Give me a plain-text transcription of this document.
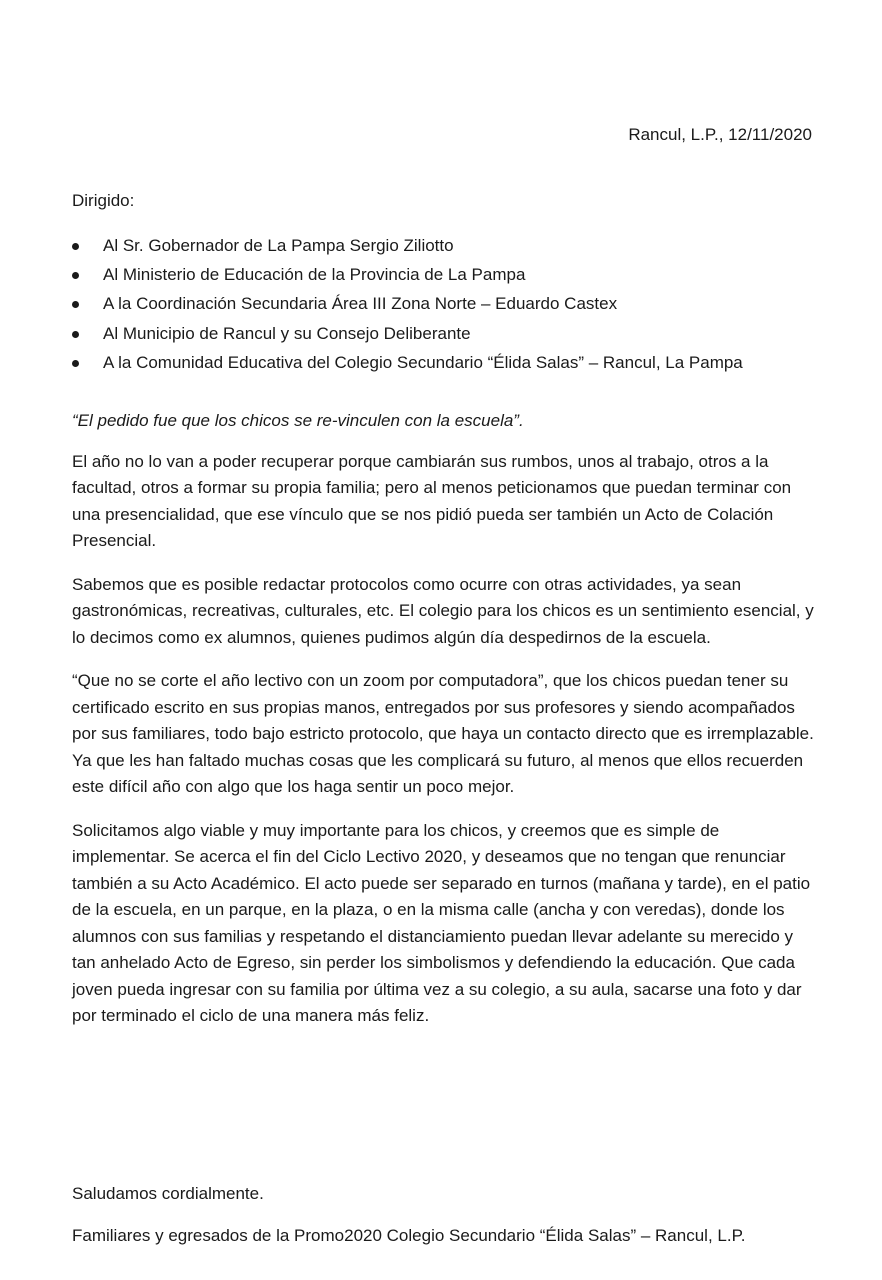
Rancul, L.P., 12/11/2020
Dirigido:
Al Sr. Gobernador de La Pampa Sergio Ziliotto
Al Ministerio de Educación de la Provincia de La Pampa
A la Coordinación Secundaria Área III Zona Norte – Eduardo Castex
Al Municipio de Rancul y su Consejo Deliberante
A la Comunidad Educativa del Colegio Secundario “Élida Salas” – Rancul, La Pampa

“El pedido fue que los chicos se re-vinculen con la escuela”.

El año no lo van a poder recuperar porque cambiarán sus rumbos, unos al trabajo, otros a la facultad, otros a formar su propia familia; pero al menos peticionamos que puedan terminar con una presencialidad, que ese vínculo que se nos pidió pueda ser también un Acto de Colación Presencial.

Sabemos que es posible redactar protocolos como ocurre con otras actividades, ya sean gastronómicas, recreativas, culturales, etc. El colegio para los chicos es un sentimiento esencial, y lo decimos como ex alumnos, quienes pudimos algún día despedirnos de la escuela.

“Que no se corte el año lectivo con un zoom por computadora”, que los chicos puedan tener su certificado escrito en sus propias manos, entregados por sus profesores y siendo acompañados por sus familiares, todo bajo estricto protocolo, que haya un contacto directo que es irremplazable. Ya que les han faltado muchas cosas que les complicará su futuro, al menos que ellos recuerden este difícil año con algo que los haga sentir un poco mejor.

Solicitamos algo viable y muy importante para los chicos, y creemos que es simple de implementar. Se acerca el fin del Ciclo Lectivo 2020, y deseamos que no tengan que renunciar también a su Acto Académico. El acto puede ser separado en turnos (mañana y tarde), en el patio de la escuela, en un parque, en la plaza, o en la misma calle (ancha y con veredas), donde los alumnos con sus familias y respetando el distanciamiento puedan llevar adelante su merecido y tan anhelado Acto de Egreso, sin perder los simbolismos y defendiendo la educación. Que cada joven pueda ingresar con su familia por última vez a su colegio, a su aula, sacarse una foto y dar por terminado el ciclo de una manera más feliz.

Saludamos cordialmente.
Familiares y egresados de la Promo2020 Colegio Secundario “Élida Salas” – Rancul, L.P.
